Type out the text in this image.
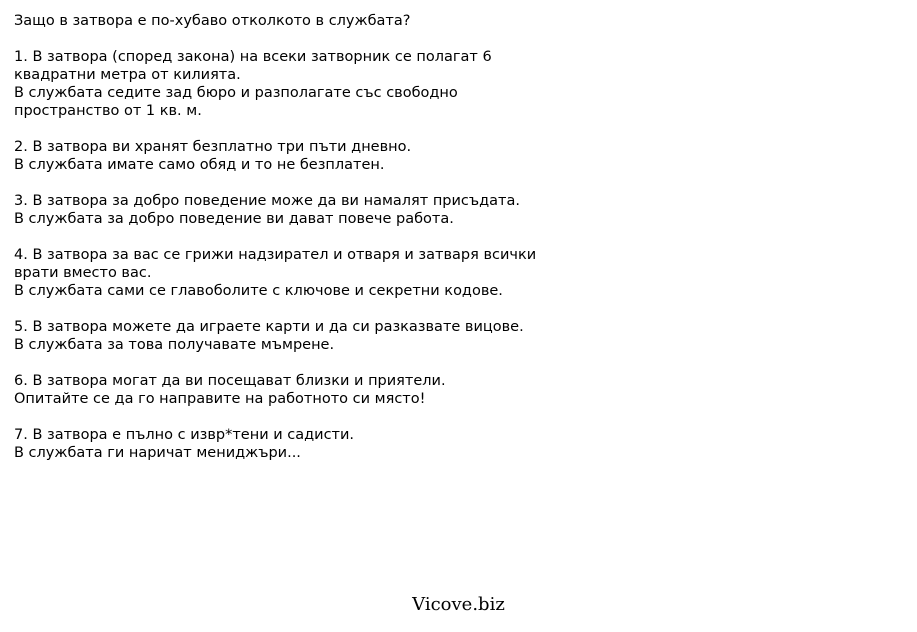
Защо в затвора е по-хубаво отколкото в службата?
1. В затвора (според закона) на всеки затворник се полагат 6
квадратни метра от килията.
В службата седите зад бюро и разполагате със свободно
пространство от 1 кв. м.
2. В затвора ви хранят безплатно три пъти дневно.
В службата имате само обяд и то не безплатен.
3. В затвора за добро поведение може да ви намалят присъдата.
В службата за добро поведение ви дават повече работа.
4. В затвора за вас се грижи надзирател и отваря и затваря всички
врати вместо вас.
В службата сами се главоболите с ключове и секретни кодове.
5. В затвора можете да играете карти и да си разказвате вицове.
В службата за това получавате мъмрене.
6. В затвора могат да ви посещават близки и приятели.
Опитайте се да го направите на работното си място!
7. В затвора е пълно с извр*тени и садисти.
В службата ги наричат мениджъри...
Vicove.biz
